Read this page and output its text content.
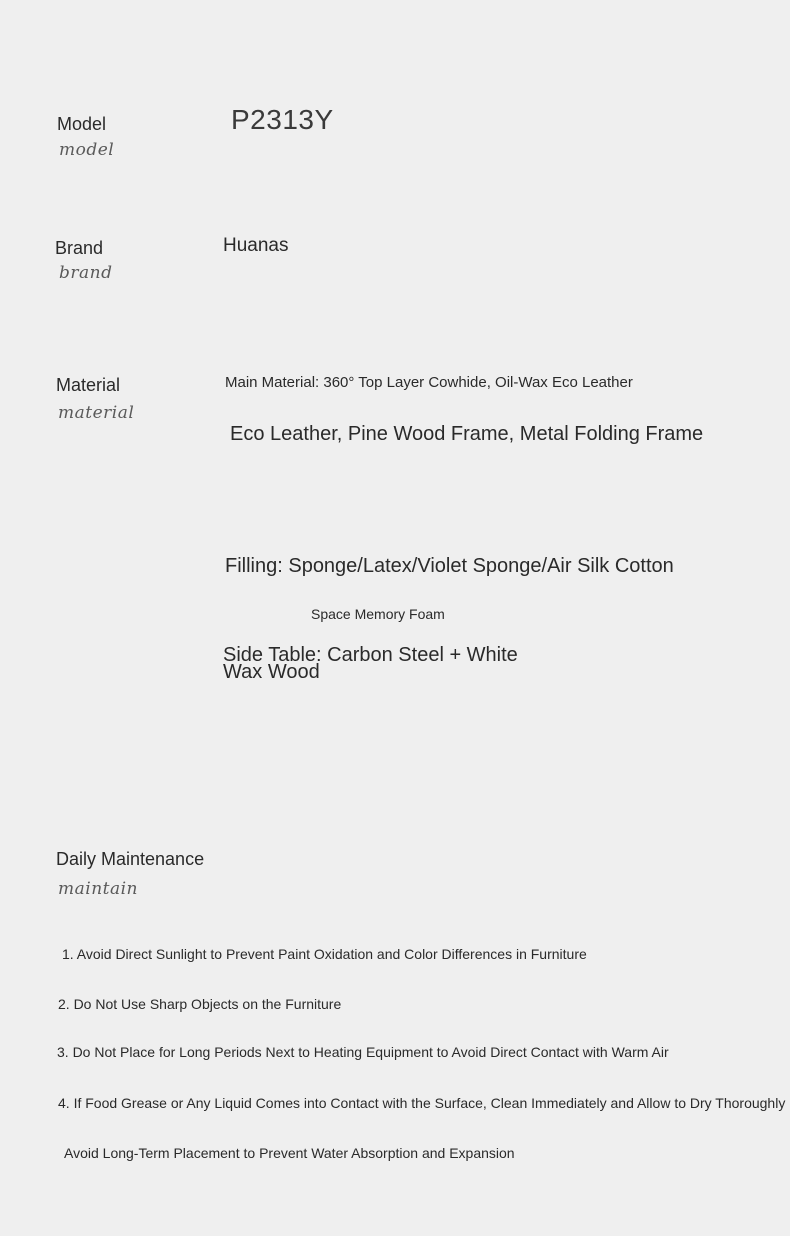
Model
model
P2313Y
Brand
brand
Huanas
Material
material
Main Material: 360° Top Layer Cowhide, Oil-Wax Eco Leather
Eco Leather, Pine Wood Frame, Metal Folding Frame
Filling: Sponge/Latex/Violet Sponge/Air Silk Cotton
Space Memory Foam
Side Table: Carbon Steel + White Wax Wood
Daily Maintenance
maintain
1. Avoid Direct Sunlight to Prevent Paint Oxidation and Color Differences in Furniture
2. Do Not Use Sharp Objects on the Furniture
3. Do Not Place for Long Periods Next to Heating Equipment to Avoid Direct Contact with Warm Air
4. If Food Grease or Any Liquid Comes into Contact with the Surface, Clean Immediately and Allow to Dry Thoroughly
Avoid Long-Term Placement to Prevent Water Absorption and Expansion
